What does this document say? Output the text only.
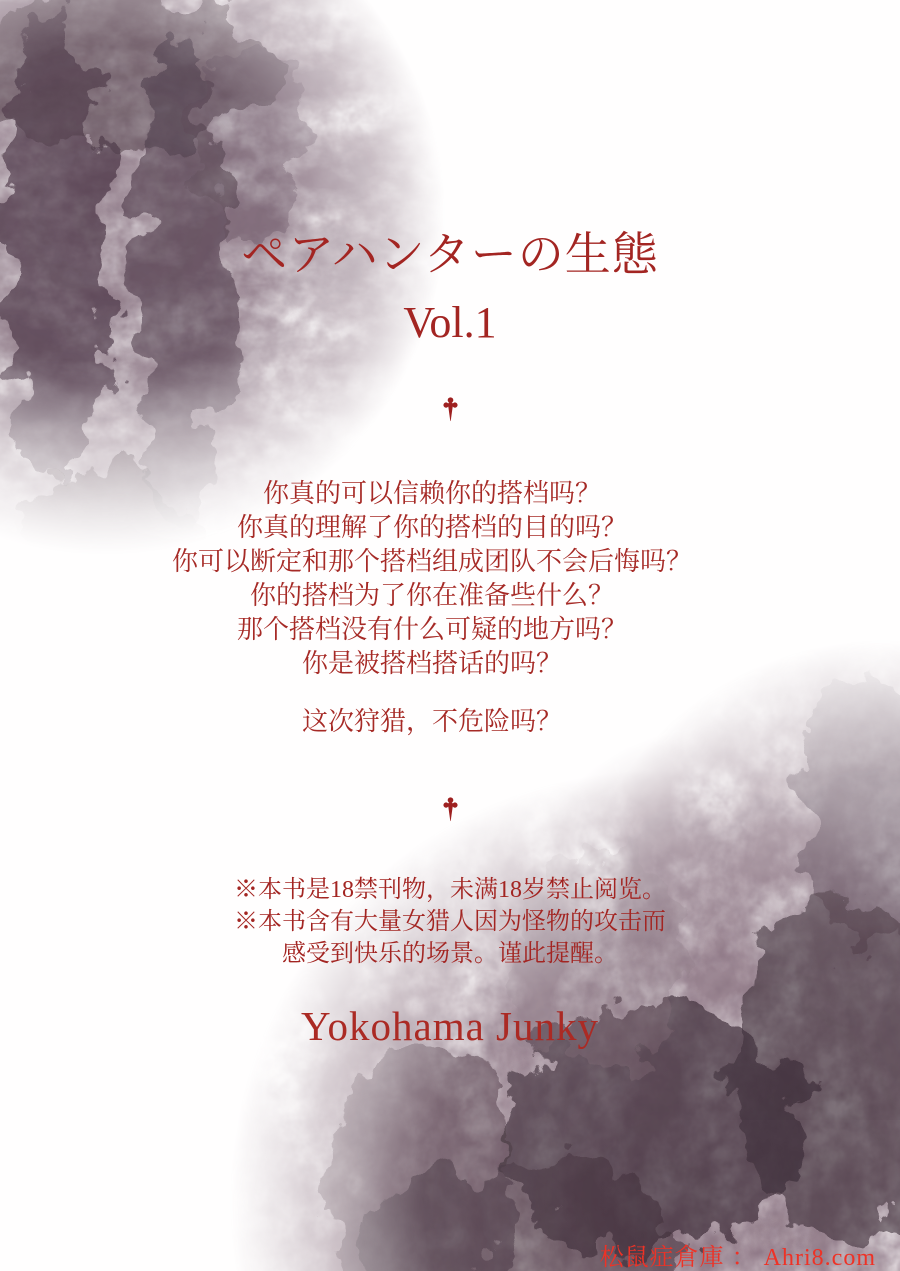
ペアハンターの生態
Vol.1
你真的可以信赖你的搭档吗？
你真的理解了你的搭档的目的吗？
你可以断定和那个搭档组成团队不会后悔吗？
你的搭档为了你在准备些什么？
那个搭档没有什么可疑的地方吗？
你是被搭档搭话的吗？
这次狩猎，不危险吗？
※本书是18禁刊物，未满18岁禁止阅览。
※本书含有大量女猎人因为怪物的攻击而
感受到快乐的场景。谨此提醒。
Yokohama Junky
松鼠症倉庫 ： Ahri8.com
